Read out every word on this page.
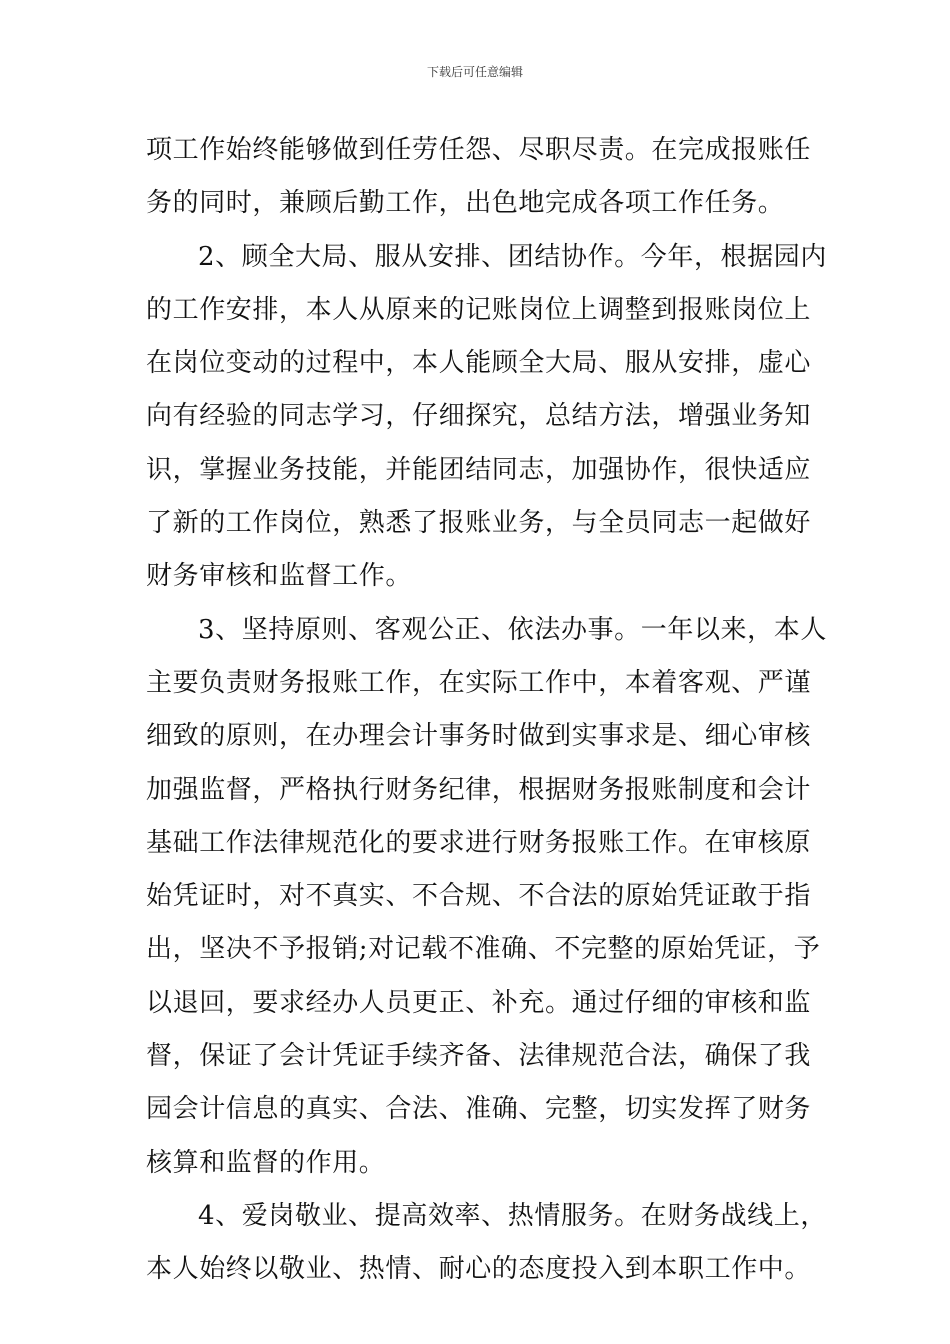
下载后可任意编辑
项工作始终能够做到任劳任怨、尽职尽责。在完成报账任
务的同时，兼顾后勤工作，出色地完成各项工作任务。
2、顾全大局、服从安排、团结协作。今年，根据园内
的工作安排，本人从原来的记账岗位上调整到报账岗位上
在岗位变动的过程中，本人能顾全大局、服从安排，虚心
向有经验的同志学习，仔细探究，总结方法，增强业务知
识，掌握业务技能，并能团结同志，加强协作，很快适应
了新的工作岗位，熟悉了报账业务，与全员同志一起做好
财务审核和监督工作。
3、坚持原则、客观公正、依法办事。一年以来，本人
主要负责财务报账工作，在实际工作中，本着客观、严谨
细致的原则，在办理会计事务时做到实事求是、细心审核
加强监督，严格执行财务纪律，根据财务报账制度和会计
基础工作法律规范化的要求进行财务报账工作。在审核原
始凭证时，对不真实、不合规、不合法的原始凭证敢于指
出，坚决不予报销;对记载不准确、不完整的原始凭证，予
以退回，要求经办人员更正、补充。通过仔细的审核和监
督，保证了会计凭证手续齐备、法律规范合法，确保了我
园会计信息的真实、合法、准确、完整，切实发挥了财务
核算和监督的作用。
4、爱岗敬业、提高效率、热情服务。在财务战线上，
本人始终以敬业、热情、耐心的态度投入到本职工作中。
